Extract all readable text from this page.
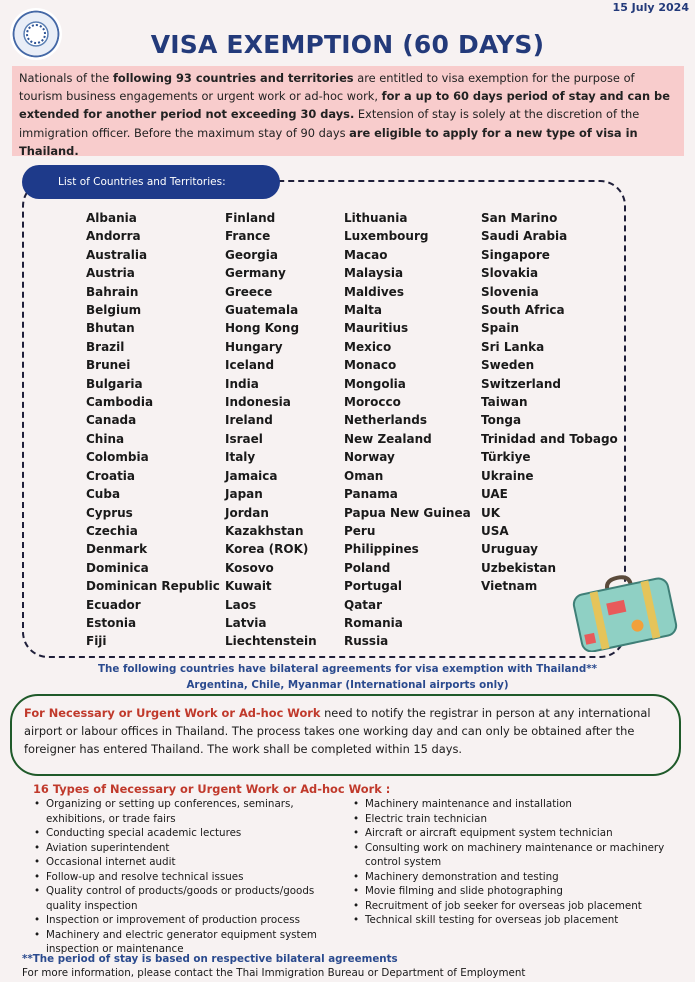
15 July 2024
VISA EXEMPTION (60 DAYS)
Nationals of the following 93 countries and territories are entitled to visa exemption for the purpose of tourism business engagements or urgent work or ad-hoc work, for a up to 60 days period of stay and can be extended for another period not exceeding 30 days. Extension of stay is solely at the discretion of the immigration officer. Before the maximum stay of 90 days are eligible to apply for a new type of visa in Thailand.
List of Countries and Territories:
Albania
Andorra
Australia
Austria
Bahrain
Belgium
Bhutan
Brazil
Brunei
Bulgaria
Cambodia
Canada
China
Colombia
Croatia
Cuba
Cyprus
Czechia
Denmark
Dominica
Dominican Republic
Ecuador
Estonia
Fiji
Finland
France
Georgia
Germany
Greece
Guatemala
Hong Kong
Hungary
Iceland
India
Indonesia
Ireland
Israel
Italy
Jamaica
Japan
Jordan
Kazakhstan
Korea (ROK)
Kosovo
Kuwait
Laos
Latvia
Liechtenstein
Lithuania
Luxembourg
Macao
Malaysia
Maldives
Malta
Mauritius
Mexico
Monaco
Mongolia
Morocco
Netherlands
New Zealand
Norway
Oman
Panama
Papua New Guinea
Peru
Philippines
Poland
Portugal
Qatar
Romania
Russia
San Marino
Saudi Arabia
Singapore
Slovakia
Slovenia
South Africa
Spain
Sri Lanka
Sweden
Switzerland
Taiwan
Tonga
Trinidad and Tobago
Türkiye
Ukraine
UAE
UK
USA
Uruguay
Uzbekistan
Vietnam
The following countries have bilateral agreements for visa exemption with Thailand**
Argentina, Chile, Myanmar (International airports only)
For Necessary or Urgent Work or Ad-hoc Work need to notify the registrar in person at any international airport or labour offices in Thailand. The process takes one working day and can only be obtained after the foreigner has entered Thailand. The work shall be completed within 15 days.
16 Types of Necessary or Urgent Work or Ad-hoc Work :
• Organizing or setting up conferences, seminars, exhibitions, or trade fairs
• Conducting special academic lectures
• Aviation superintendent
• Occasional internet audit
• Follow-up and resolve technical issues
• Quality control of products/goods or products/goods quality inspection
• Inspection or improvement of production process
• Machinery and electric generator equipment system inspection or maintenance
• Machinery maintenance and installation
• Electric train technician
• Aircraft or aircraft equipment system technician
• Consulting work on machinery maintenance or machinery control system
• Machinery demonstration and testing
• Movie filming and slide photographing
• Recruitment of job seeker for overseas job placement
• Technical skill testing for overseas job placement
**The period of stay is based on respective bilateral agreements
For more information, please contact the Thai Immigration Bureau or Department of Employment
